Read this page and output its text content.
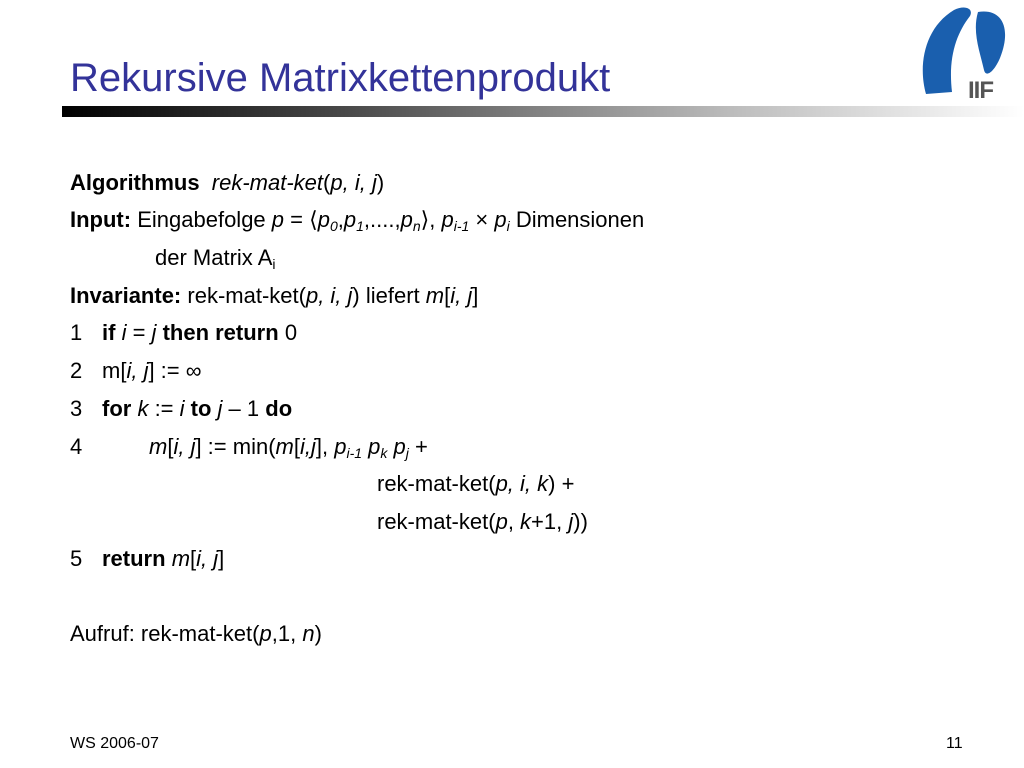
IIF
Rekursive Matrixkettenprodukt
Algorithmus rek-mat-ket(p, i, j)
Input: Eingabefolge $p = ⟨p_0,p_1,....,p_n⟩$, $p_{i-1} \times p_i$ Dimensionen
der Matrix $A_i$
Invariante: rek-mat-ket(p, i, j) liefert m[i, j]
1 if i = j then return 0
2 m[i, j] := ∞
3 for k := i to j – 1 do
4	m[i, j] := min(m[i,j], $p_{i-1}$ $p_k$ $p_j$ +
rek-mat-ket(p, i, k) +
rek-mat-ket(p, k+1, j))
5 return m[i, j]
Aufruf: rek-mat-ket(p,1, n)
WS 2006-07	11
